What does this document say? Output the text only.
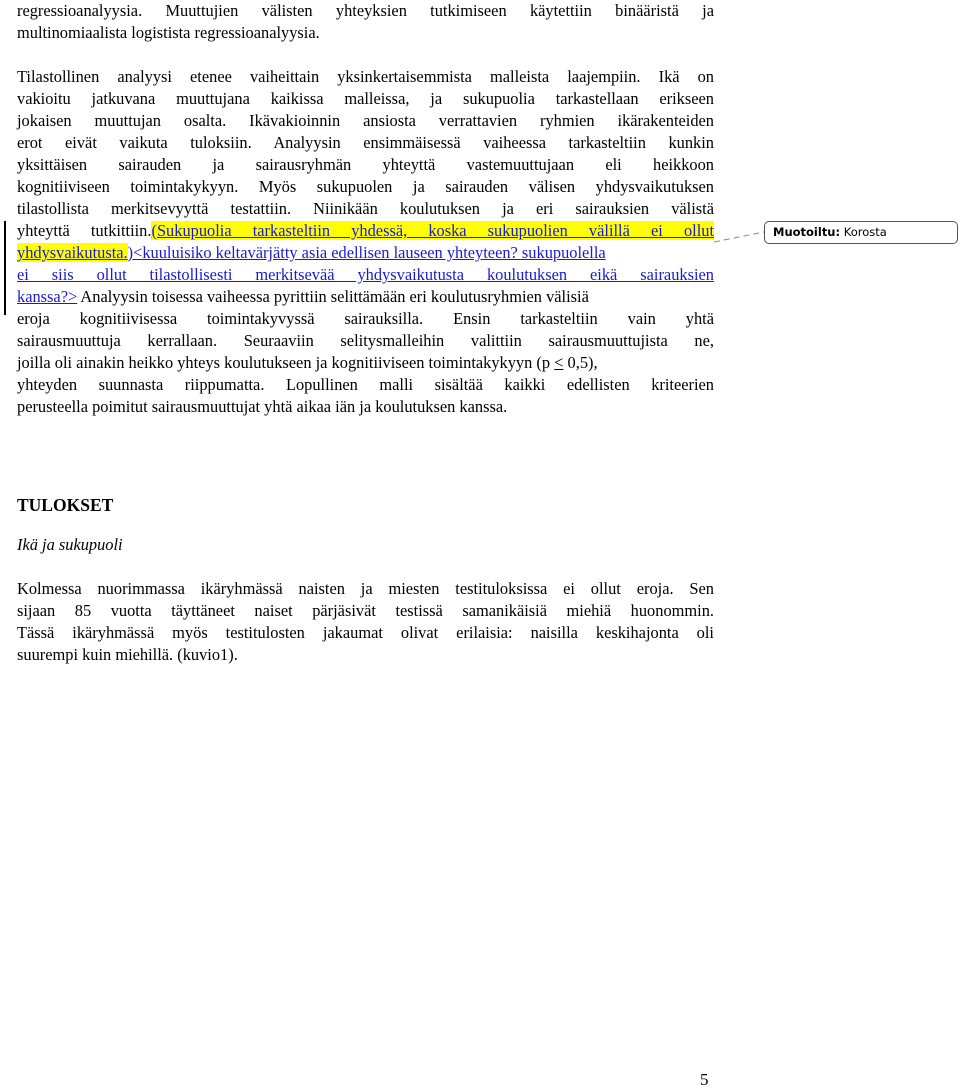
regressioanalyysia. Muuttujien välisten yhteyksien tutkimiseen käytettiin binääristä ja
multinomiaalista logistista regressioanalyysia.
Tilastollinen analyysi etenee vaiheittain yksinkertaisemmista malleista laajempiin. Ikä on
vakioitu jatkuvana muuttujana kaikissa malleissa, ja sukupuolia tarkastellaan erikseen
jokaisen muuttujan osalta. Ikävakioinnin ansiosta verrattavien ryhmien ikärakenteiden
erot eivät vaikuta tuloksiin. Analyysin ensimmäisessä vaiheessa tarkasteltiin kunkin
yksittäisen sairauden ja sairausryhmän yhteyttä vastemuuttujaan eli heikkoon
kognitiiviseen toimintakykyyn. Myös sukupuolen ja sairauden välisen yhdysvaikutuksen
tilastollista merkitsevyyttä testattiin. Niinikään koulutuksen ja eri sairauksien välistä
yhteyttä tutkittiin.(Sukupuolia tarkasteltiin yhdessä, koska sukupuolien välillä ei ollut
yhdysvaikutusta.)<kuuluisiko keltavärjätty asia edellisen lauseen yhteyteen? sukupuolella
ei siis ollut tilastollisesti merkitsevää yhdysvaikutusta koulutuksen eikä sairauksien
kanssa?> Analyysin toisessa vaiheessa pyrittiin selittämään eri koulutusryhmien välisiä
eroja kognitiivisessa toimintakyvyssä sairauksilla. Ensin tarkasteltiin vain yhtä
sairausmuuttuja kerrallaan. Seuraaviin selitysmalleihin valittiin sairausmuuttujista ne,
joilla oli ainakin heikko yhteys koulutukseen ja kognitiiviseen toimintakykyyn (p ≤ 0,5),
yhteyden suunnasta riippumatta. Lopullinen malli sisältää kaikki edellisten kriteerien
perusteella poimitut sairausmuuttujat yhtä aikaa iän ja koulutuksen kanssa.
TULOKSET
Ikä ja sukupuoli
Kolmessa nuorimmassa ikäryhmässä naisten ja miesten testituloksissa ei ollut eroja. Sen
sijaan 85 vuotta täyttäneet naiset pärjäsivät testissä samanikäisiä miehiä huonommin.
Tässä ikäryhmässä myös testitulosten jakaumat olivat erilaisia: naisilla keskihajonta oli
suurempi kuin miehillä. (kuvio1).
Muotoiltu: Korosta
5
